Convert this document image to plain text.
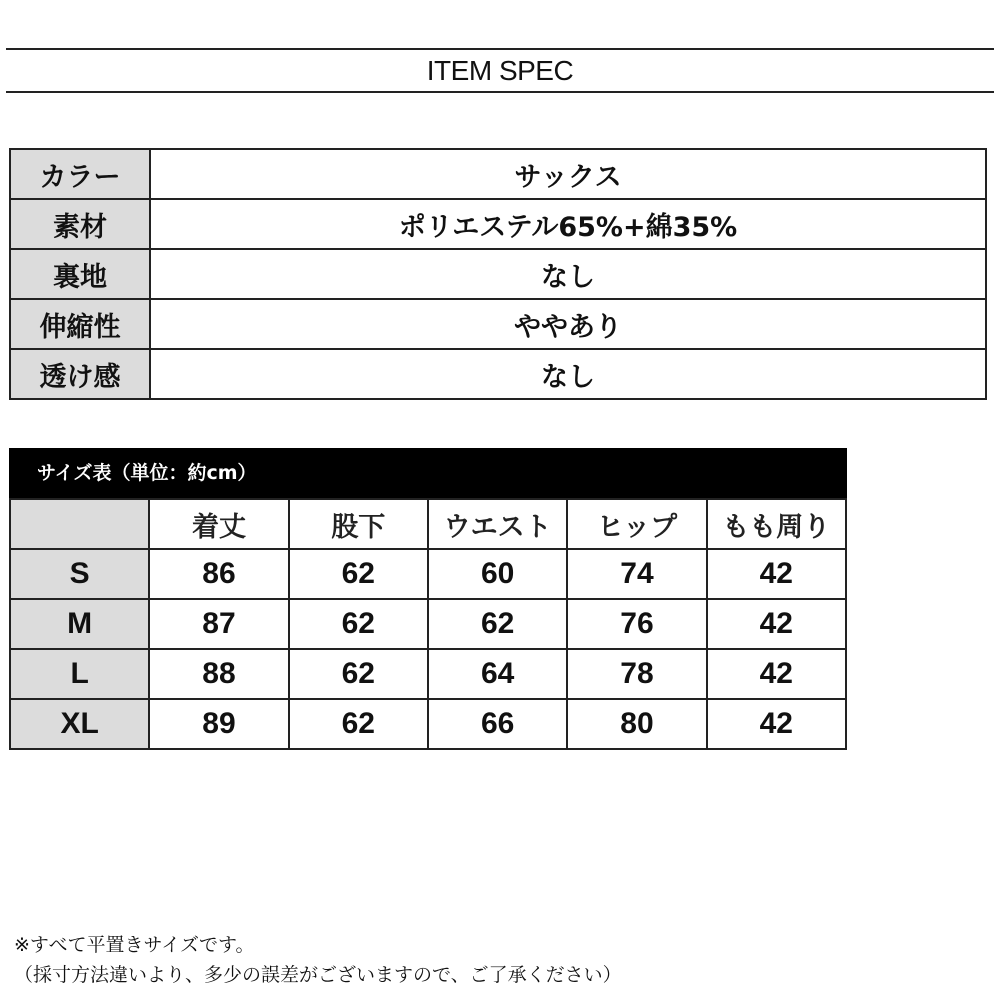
ITEM SPEC
カラー	サックス
素材	ポリエステル65%+綿35%
裏地	なし
伸縮性	ややあり
透け感	なし
サイズ表（単位：約cm）
	着丈	股下	ウエスト	ヒップ	もも周り
S	86	62	60	74	42
M	87	62	62	76	42
L	88	62	64	78	42
XL	89	62	66	80	42
※すべて平置きサイズです。
（採寸方法違いより、多少の誤差がございますので、ご了承ください）
